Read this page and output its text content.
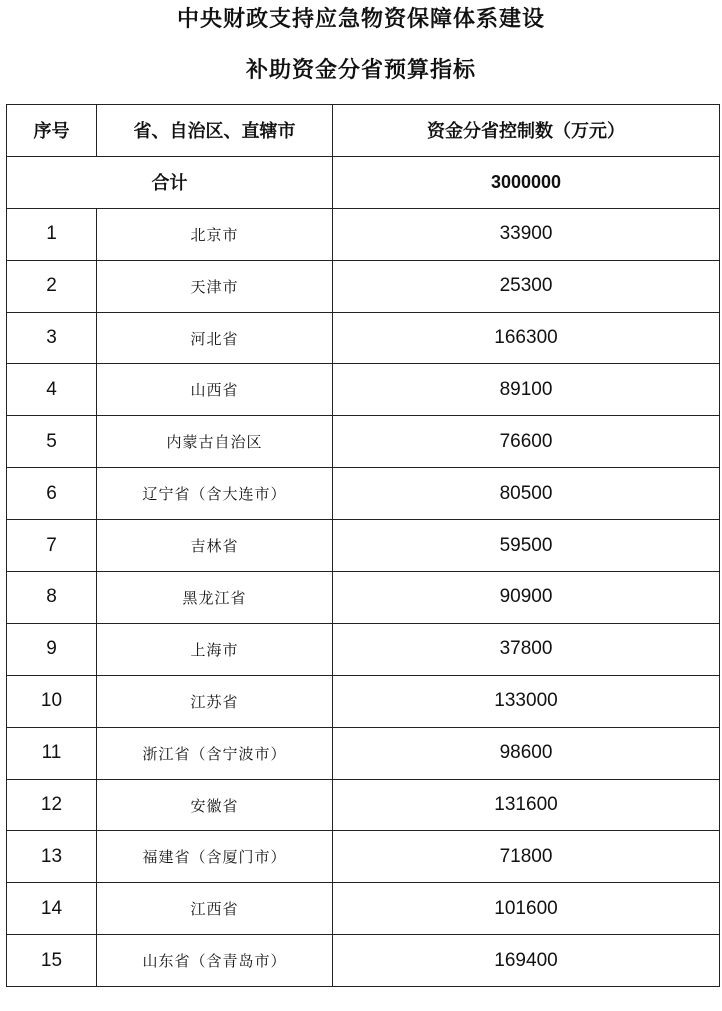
中央财政支持应急物资保障体系建设
补助资金分省预算指标
序号	省、自治区、直辖市	资金分省控制数（万元）
合计		3000000
1	北京市	33900
2	天津市	25300
3	河北省	166300
4	山西省	89100
5	内蒙古自治区	76600
6	辽宁省（含大连市）	80500
7	吉林省	59500
8	黑龙江省	90900
9	上海市	37800
10	江苏省	133000
11	浙江省（含宁波市）	98600
12	安徽省	131600
13	福建省（含厦门市）	71800
14	江西省	101600
15	山东省（含青岛市）	169400
